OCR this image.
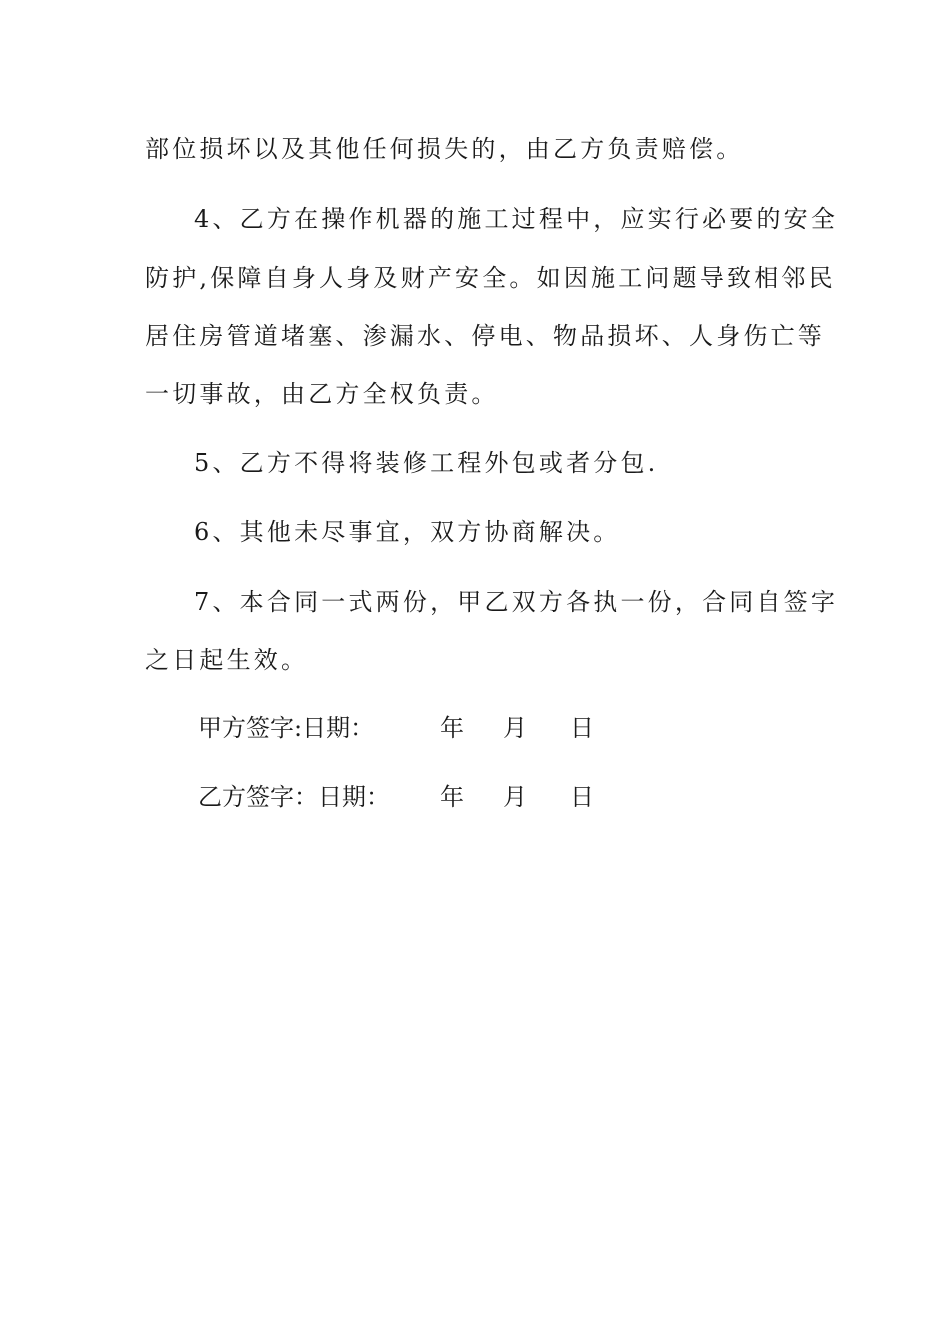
部位损坏以及其他任何损失的，由乙方负责赔偿。
4、乙方在操作机器的施工过程中，应实行必要的安全
防护,保障自身人身及财产安全。如因施工问题导致相邻民
居住房管道堵塞、渗漏水、停电、物品损坏、人身伤亡等
一切事故，由乙方全权负责。
5、乙方不得将装修工程外包或者分包.
6、其他未尽事宜，双方协商解决。
7、本合同一式两份，甲乙双方各执一份，合同自签字
之日起生效。
甲方签字:日期：	年 月 日
乙方签字：日期： 年 月 日
